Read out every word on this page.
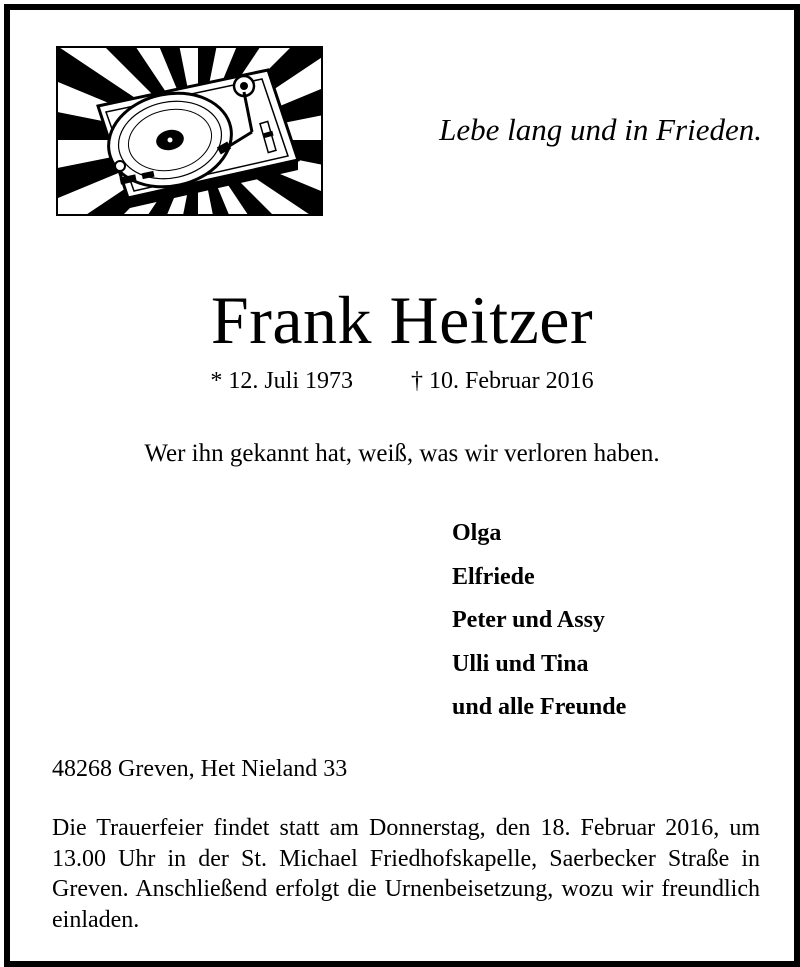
Lebe lang und in Frieden.
Frank Heitzer
* 12. Juli 1973 † 10. Februar 2016
Wer ihn gekannt hat, weiß, was wir verloren haben.
Olga
Elfriede
Peter und Assy
Ulli und Tina
und alle Freunde
48268 Greven, Het Nieland 33

Die Trauerfeier findet statt am Donnerstag, den 18. Februar 2016, um 13.00 Uhr in der St. Michael Friedhofskapelle, Saerbecker Straße in Greven. Anschließend erfolgt die Urnenbeisetzung, wozu wir freundlich einladen.
